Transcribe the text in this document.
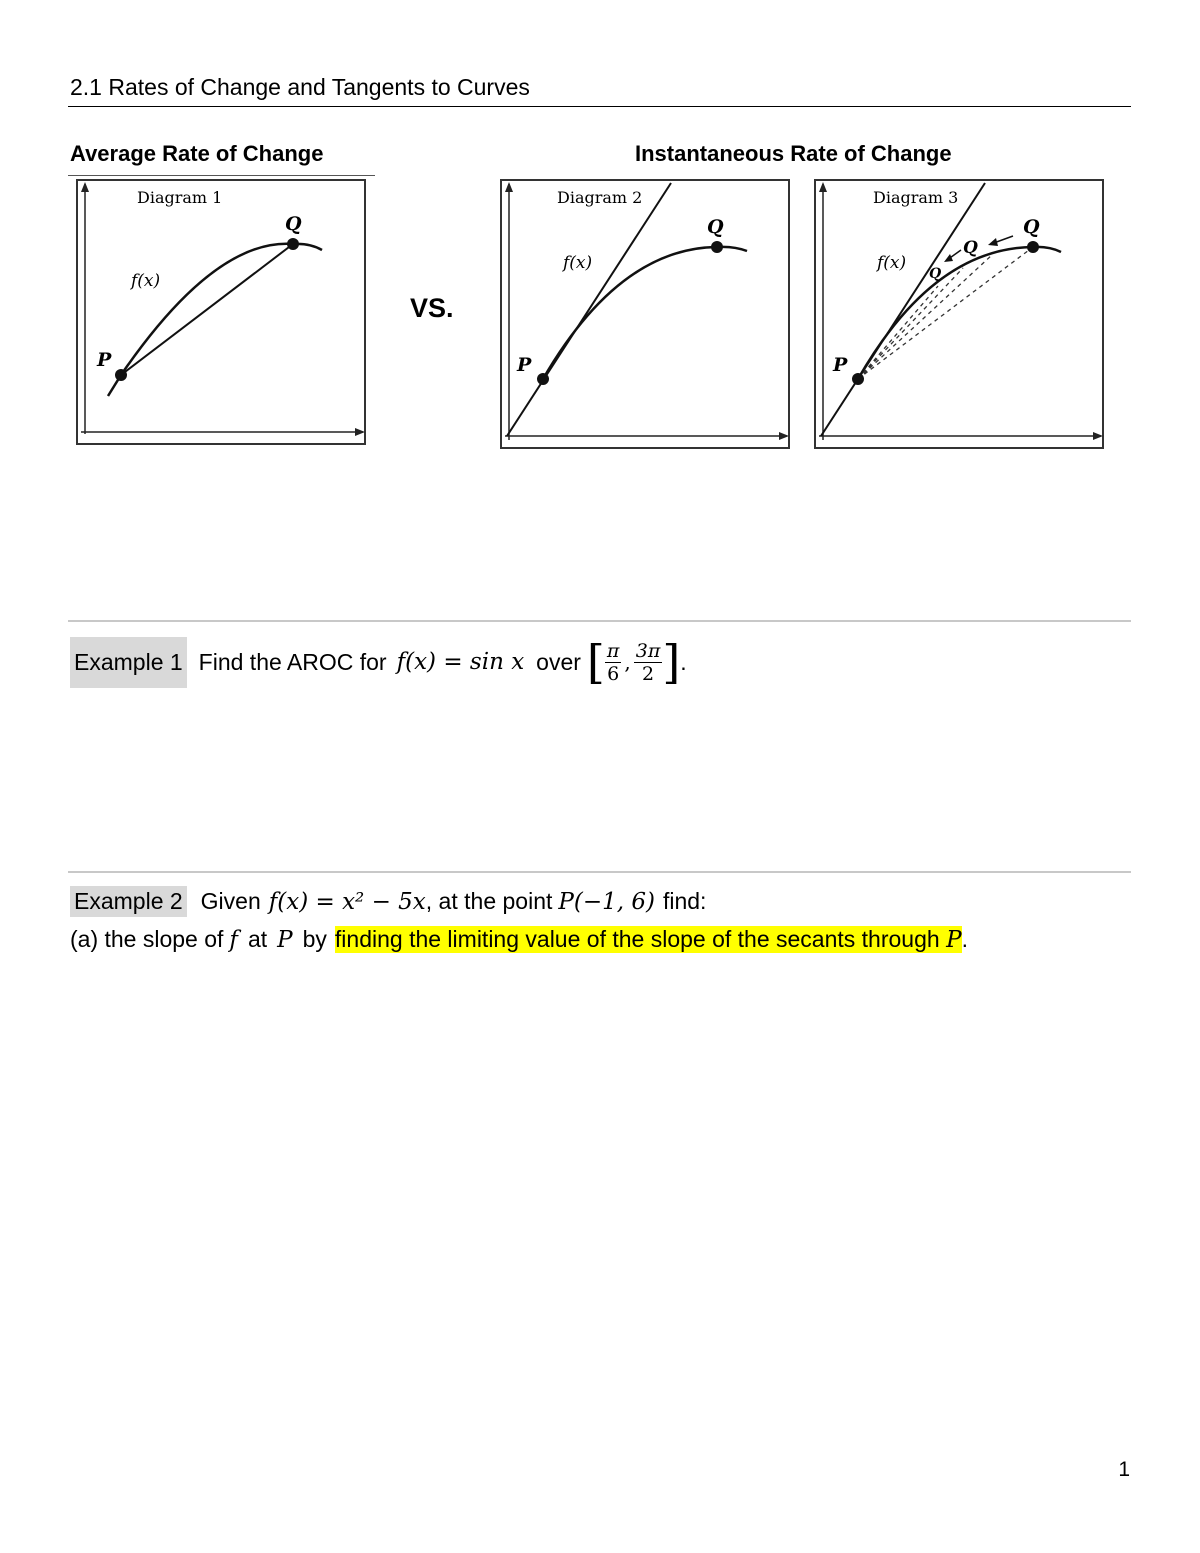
2.1 Rates of Change and Tangents to Curves
Average Rate of Change	Instantaneous Rate of Change
Diagram 1
P
Q
f(x)
VS.
Diagram 2
P
Q
f(x)
Diagram 3
P
Q
Q
Q
f(x)
Example 1 Find the AROC for f(x) = sin x over [ $\frac{\pi}{6}$ , $\frac{3\pi}{2}$ ] .
Example 2 Given f(x) = x² − 5x , at the point P(−1, 6) find:
(a) the slope of f at P by finding the limiting value of the slope of the secants through P .
1
